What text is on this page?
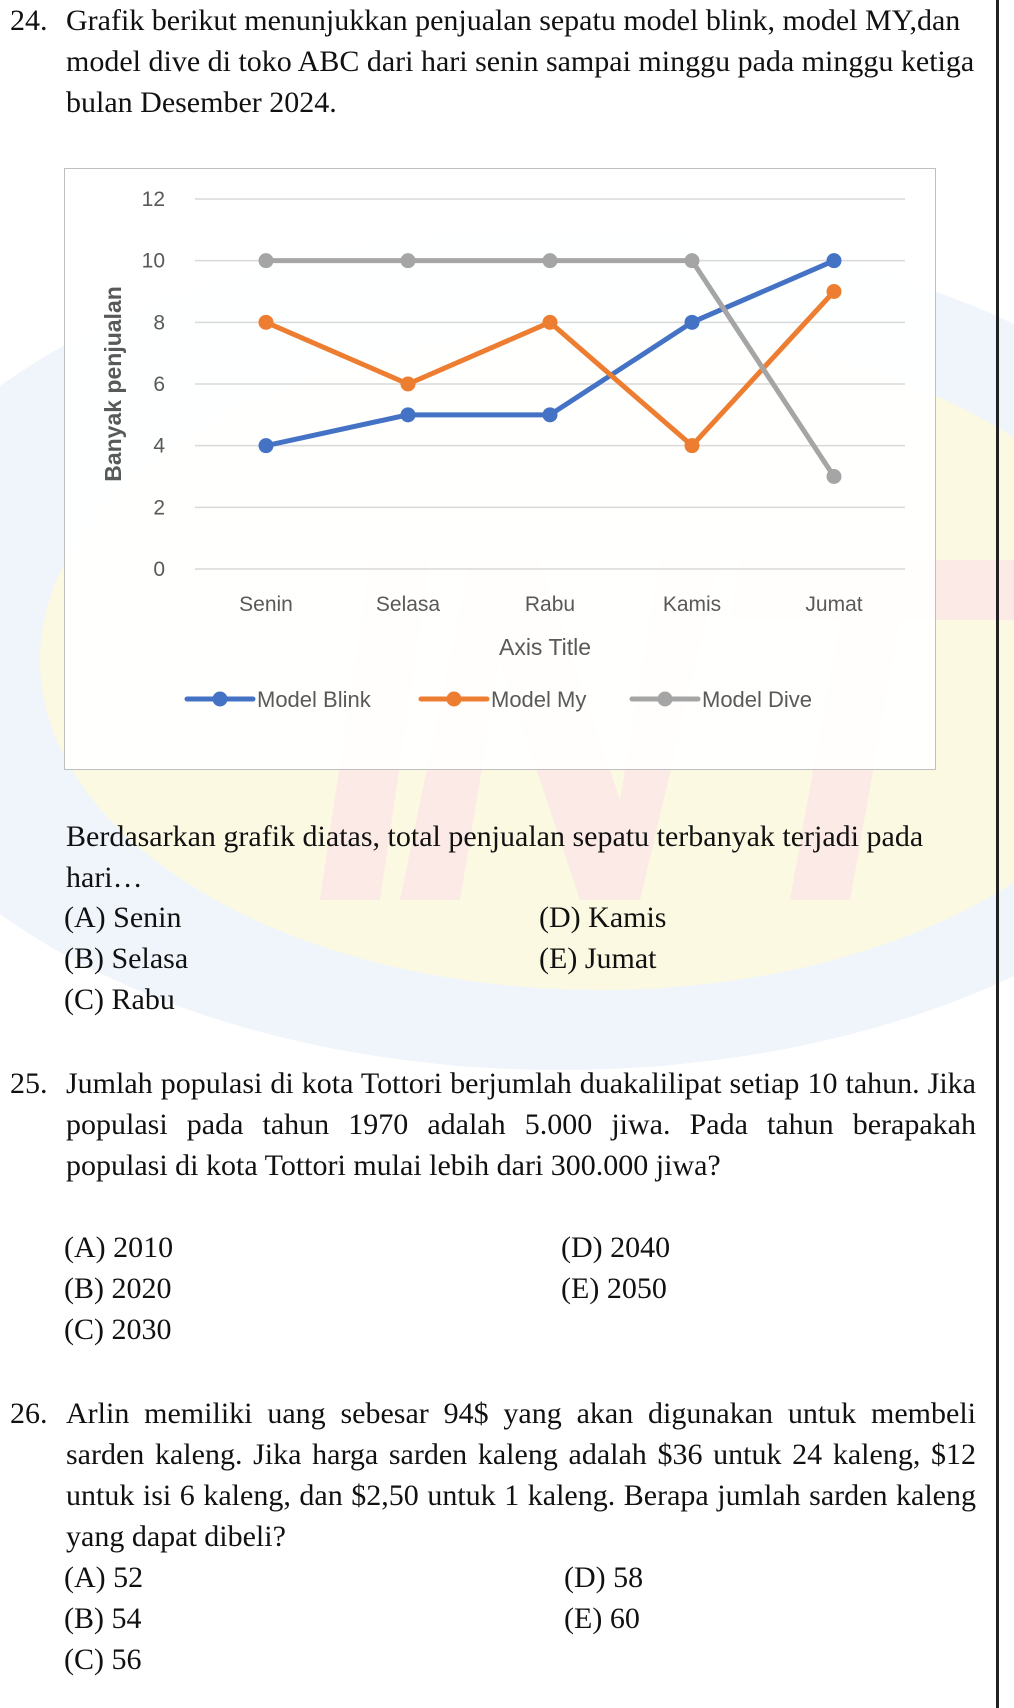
24. Grafik berikut menunjukkan penjualan sepatu model blink, model MY,dan model dive di toko ABC dari hari senin sampai minggu pada minggu ketiga bulan Desember 2024.
0
2
4
6
8
10
12
Senin	Selasa	Rabu	Kamis	Jumat
Axis Title
Banyak penjualan
Model Blink	Model My	Model Dive
Berdasarkan grafik diatas, total penjualan sepatu terbanyak terjadi pada hari…
(A) Senin
(B) Selasa
(C) Rabu
(D) Kamis
(E) Jumat
25. Jumlah populasi di kota Tottori berjumlah duakalilipat setiap 10 tahun. Jika populasi pada tahun 1970 adalah 5.000 jiwa. Pada tahun berapakah populasi di kota Tottori mulai lebih dari 300.000 jiwa?
(A) 2010
(B) 2020
(C) 2030
(D) 2040
(E) 2050
26. Arlin memiliki uang sebesar 94$ yang akan digunakan untuk membeli sarden kaleng. Jika harga sarden kaleng adalah $36 untuk 24 kaleng, $12 untuk isi 6 kaleng, dan $2,50 untuk 1 kaleng. Berapa jumlah sarden kaleng yang dapat dibeli?
(A) 52
(B) 54
(C) 56
(D) 58
(E) 60
